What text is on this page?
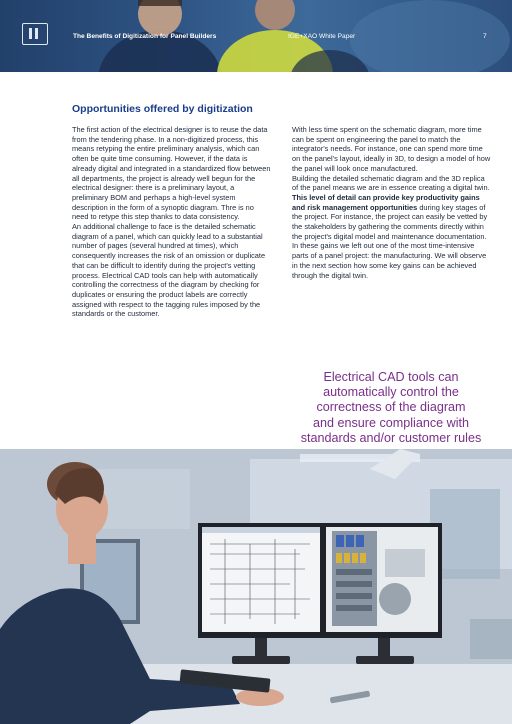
The Benefits of Digitization for Panel Builders	IGE+XAO White Paper	7
Opportunities offered by digitization

The first action of the electrical designer is to reuse the data from the tendering phase. In a non-digitized process, this means retyping the entire preliminary analysis, which can often be quite time consuming. However, if the data is already digital and integrated in a standardized flow between all departments, the project is already well begun for the electrical designer: there is a preliminary layout, a preliminary BOM and perhaps a high-level system description in the form of a synoptic diagram. Thre is no need to retype this step thanks to data consistency.

An additional challenge to face is the detailed schematic diagram of a panel, which can quickly lead to a substantial number of pages (several hundred at times), which consequently increases the risk of an omission or duplicate that can be difficult to identify during the project's vetting process. Electrical CAD tools can help with automatically controlling the correctness of the diagram by checking for duplicates or ensuring the product labels are correctly assigned with respect to the tagging rules imposed by the standards or the customer.

With less time spent on the schematic diagram, more time can be spent on engineering the panel to match the integrator's needs. For instance, one can spend more time on the panel's layout, ideally in 3D, to design a model of how the panel will look once manufactured.

Building the detailed schematic diagram and the 3D replica of the panel means we are in essence creating a digital twin. This level of detail can provide key productivity gains and risk management opportunities during key stages of the project. For instance, the project can easily be vetted by the stakeholders by gathering the comments directly within the project's digital model and maintenance documentation.

In these gains we left out one of the most time-intensive parts of a panel project: the manufacturing. We will observe in the next section how some key gains can be achieved through the digital twin.

Electrical CAD tools can
automatically control the
correctness of the diagram
and ensure compliance with
standards and/or customer rules
